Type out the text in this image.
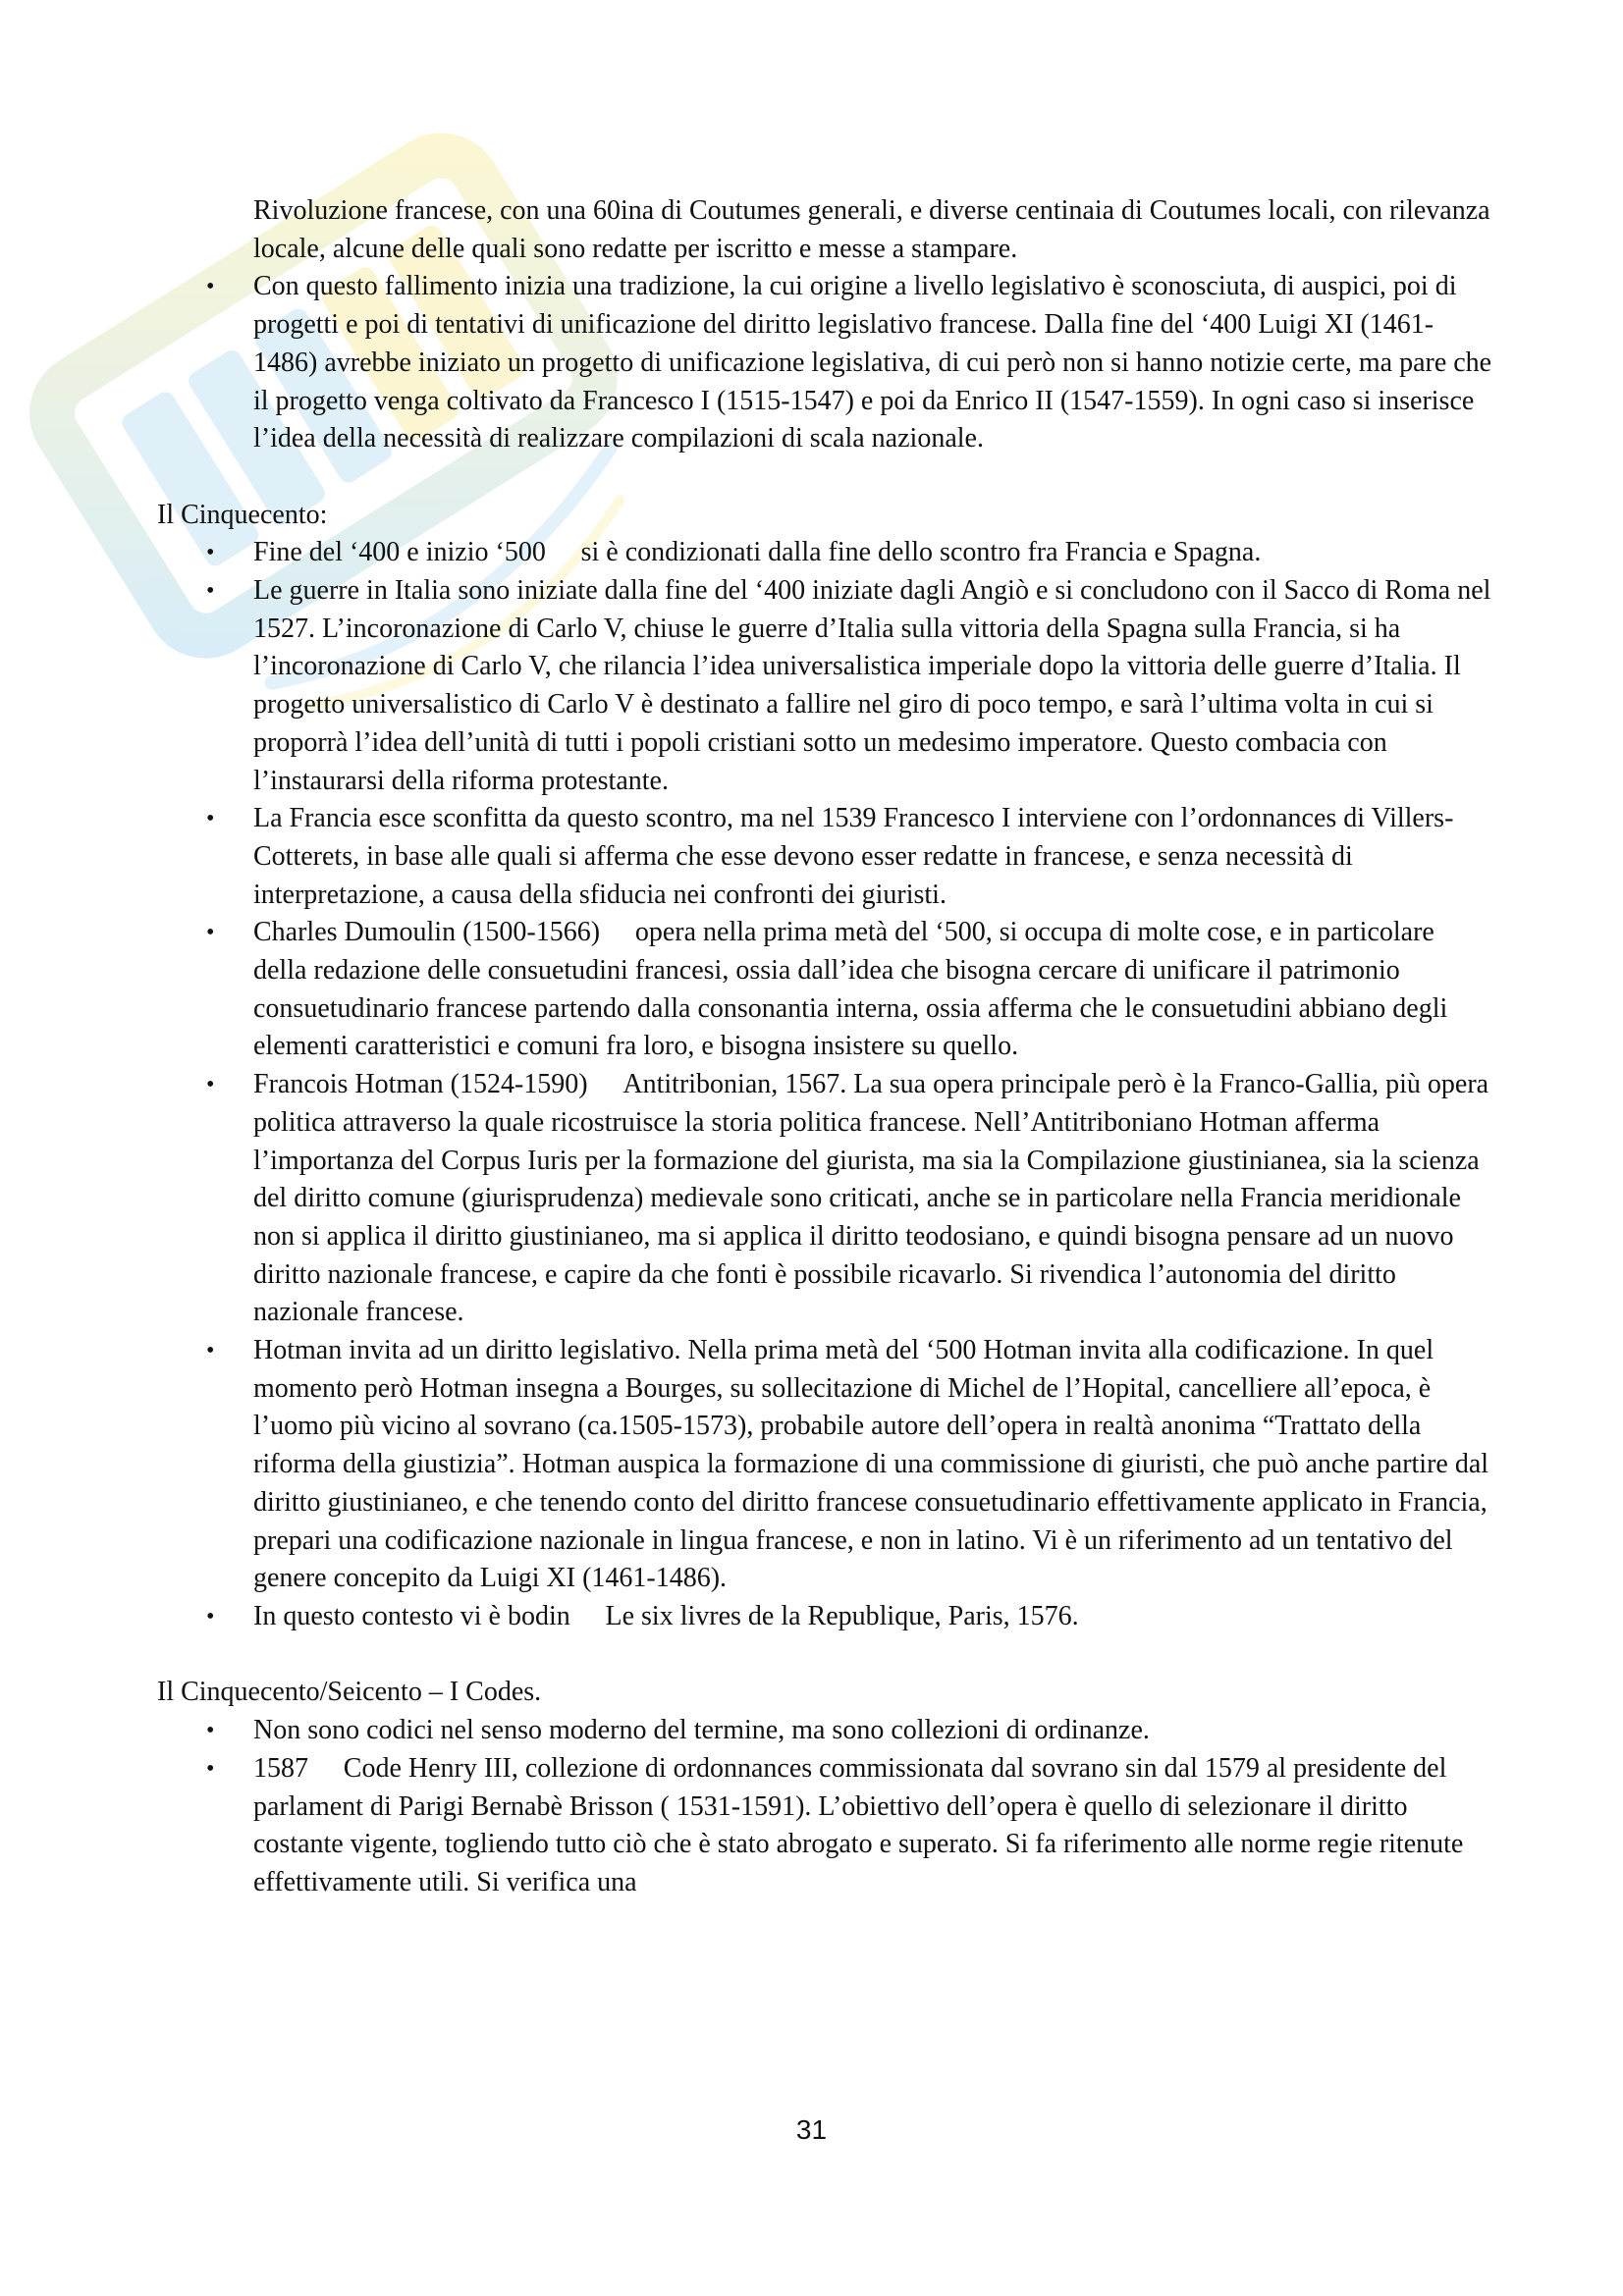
Rivoluzione francese, con una 60ina di Coutumes generali, e diverse centinaia di Coutumes locali, con rilevanza locale, alcune delle quali sono redatte per iscritto e messe a stampare.

• Con questo fallimento inizia una tradizione, la cui origine a livello legislativo è sconosciuta, di auspici, poi di progetti e poi di tentativi di unificazione del diritto legislativo francese. Dalla fine del ‘400 Luigi XI (1461-1486) avrebbe iniziato un progetto di unificazione legislativa, di cui però non si hanno notizie certe, ma pare che il progetto venga coltivato da Francesco I (1515-1547) e poi da Enrico II (1547-1559). In ogni caso si inserisce l’idea della necessità di realizzare compilazioni di scala nazionale.
Il Cinquecento:
• Fine del ‘400 e inizio ‘500 si è condizionati dalla fine dello scontro fra Francia e Spagna.
• Le guerre in Italia sono iniziate dalla fine del ‘400 iniziate dagli Angiò e si concludono con il Sacco di Roma nel 1527. L’incoronazione di Carlo V, chiuse le guerre d’Italia sulla vittoria della Spagna sulla Francia, si ha l’incoronazione di Carlo V, che rilancia l’idea universalistica imperiale dopo la vittoria delle guerre d’Italia. Il progetto universalistico di Carlo V è destinato a fallire nel giro di poco tempo, e sarà l’ultima volta in cui si proporrà l’idea dell’unità di tutti i popoli cristiani sotto un medesimo imperatore. Questo combacia con l’instaurarsi della riforma protestante.
• La Francia esce sconfitta da questo scontro, ma nel 1539 Francesco I interviene con l’ordonnances di Villers-Cotterets, in base alle quali si afferma che esse devono esser redatte in francese, e senza necessità di interpretazione, a causa della sfiducia nei confronti dei giuristi.
• Charles Dumoulin (1500-1566) opera nella prima metà del ‘500, si occupa di molte cose, e in particolare della redazione delle consuetudini francesi, ossia dall’idea che bisogna cercare di unificare il patrimonio consuetudinario francese partendo dalla consonantia interna, ossia afferma che le consuetudini abbiano degli elementi caratteristici e comuni fra loro, e bisogna insistere su quello.
• Francois Hotman (1524-1590) Antitribonian, 1567. La sua opera principale però è la Franco-Gallia, più opera politica attraverso la quale ricostruisce la storia politica francese. Nell’Antitriboniano Hotman afferma l’importanza del Corpus Iuris per la formazione del giurista, ma sia la Compilazione giustinianea, sia la scienza del diritto comune (giurisprudenza) medievale sono criticati, anche se in particolare nella Francia meridionale non si applica il diritto giustinianeo, ma si applica il diritto teodosiano, e quindi bisogna pensare ad un nuovo diritto nazionale francese, e capire da che fonti è possibile ricavarlo. Si rivendica l’autonomia del diritto nazionale francese.
• Hotman invita ad un diritto legislativo. Nella prima metà del ‘500 Hotman invita alla codificazione. In quel momento però Hotman insegna a Bourges, su sollecitazione di Michel de l’Hopital, cancelliere all’epoca, è l’uomo più vicino al sovrano (ca.1505-1573), probabile autore dell’opera in realtà anonima “Trattato della riforma della giustizia”. Hotman auspica la formazione di una commissione di giuristi, che può anche partire dal diritto giustinianeo, e che tenendo conto del diritto francese consuetudinario effettivamente applicato in Francia, prepari una codificazione nazionale in lingua francese, e non in latino. Vi è un riferimento ad un tentativo del genere concepito da Luigi XI (1461-1486).
• In questo contesto vi è bodin Le six livres de la Republique, Paris, 1576.
Il Cinquecento/Seicento – I Codes.
• Non sono codici nel senso moderno del termine, ma sono collezioni di ordinanze.
• 1587 Code Henry III, collezione di ordonnances commissionata dal sovrano sin dal 1579 al presidente del parlament di Parigi Bernabè Brisson ( 1531-1591). L’obiettivo dell’opera è quello di selezionare il diritto costante vigente, togliendo tutto ciò che è stato abrogato e superato. Si fa riferimento alle norme regie ritenute effettivamente utili. Si verifica una
31
